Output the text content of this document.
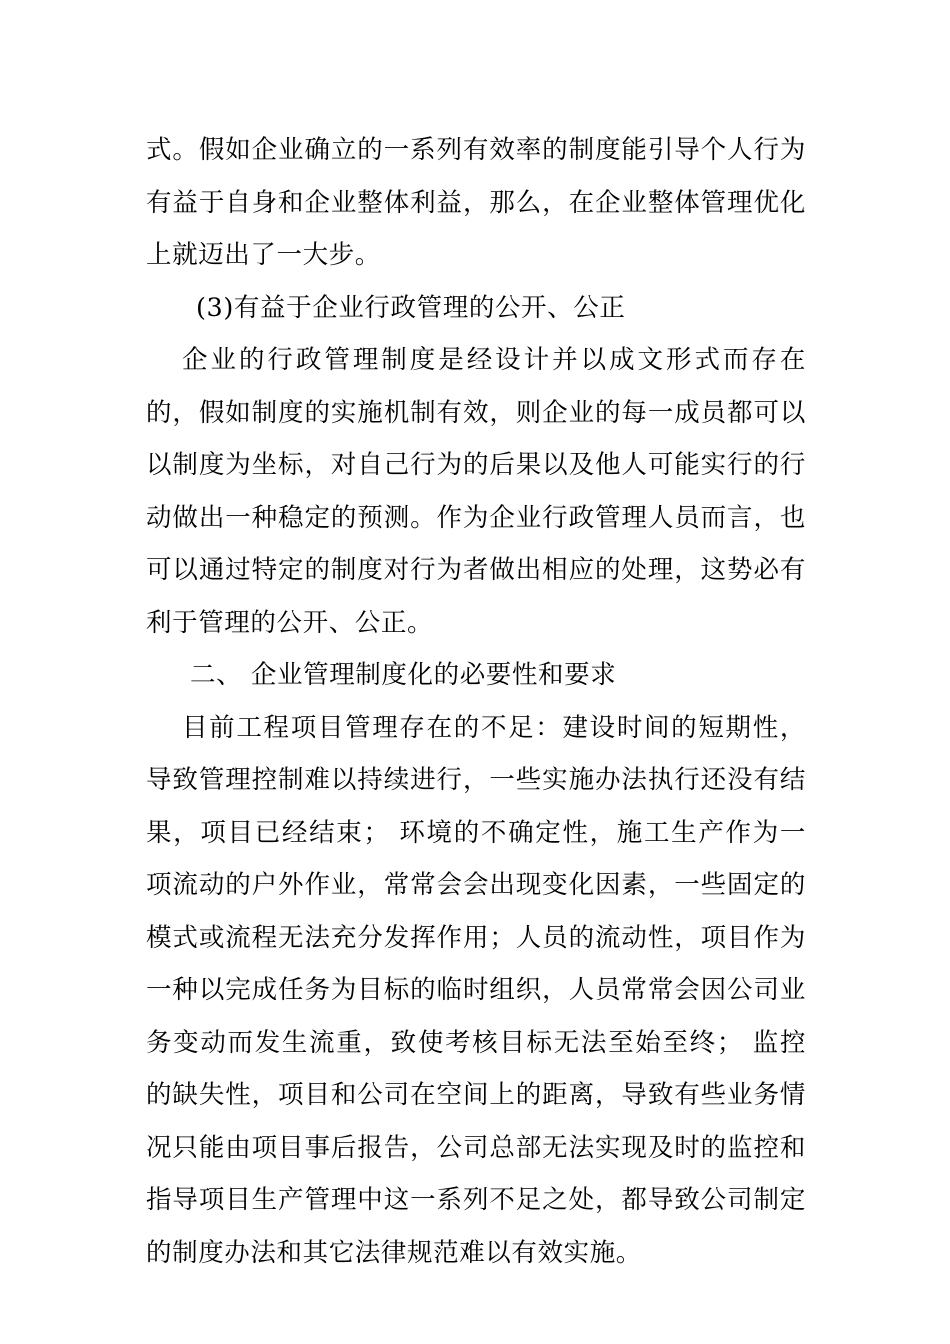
式。假如企业确立的一系列有效率的制度能引导个人行为有益于自身和企业整体利益，那么，在企业整体管理优化上就迈出了一大步。

(3)有益于企业行政管理的公开、公正

企业的行政管理制度是经设计并以成文形式而存在的，假如制度的实施机制有效，则企业的每一成员都可以以制度为坐标，对自己行为的后果以及他人可能实行的行动做出一种稳定的预测。作为企业行政管理人员而言，也可以通过特定的制度对行为者做出相应的处理，这势必有利于管理的公开、公正。

二、 企业管理制度化的必要性和要求

目前工程项目管理存在的不足：建设时间的短期性，导致管理控制难以持续进行，一些实施办法执行还没有结果，项目已经结束； 环境的不确定性，施工生产作为一项流动的户外作业，常常会会出现变化因素，一些固定的模式或流程无法充分发挥作用；人员的流动性，项目作为一种以完成任务为目标的临时组织，人员常常会因公司业务变动而发生流重，致使考核目标无法至始至终； 监控的缺失性，项目和公司在空间上的距离，导致有些业务情况只能由项目事后报告，公司总部无法实现及时的监控和指导项目生产管理中这一系列不足之处，都导致公司制定的制度办法和其它法律规范难以有效实施。
